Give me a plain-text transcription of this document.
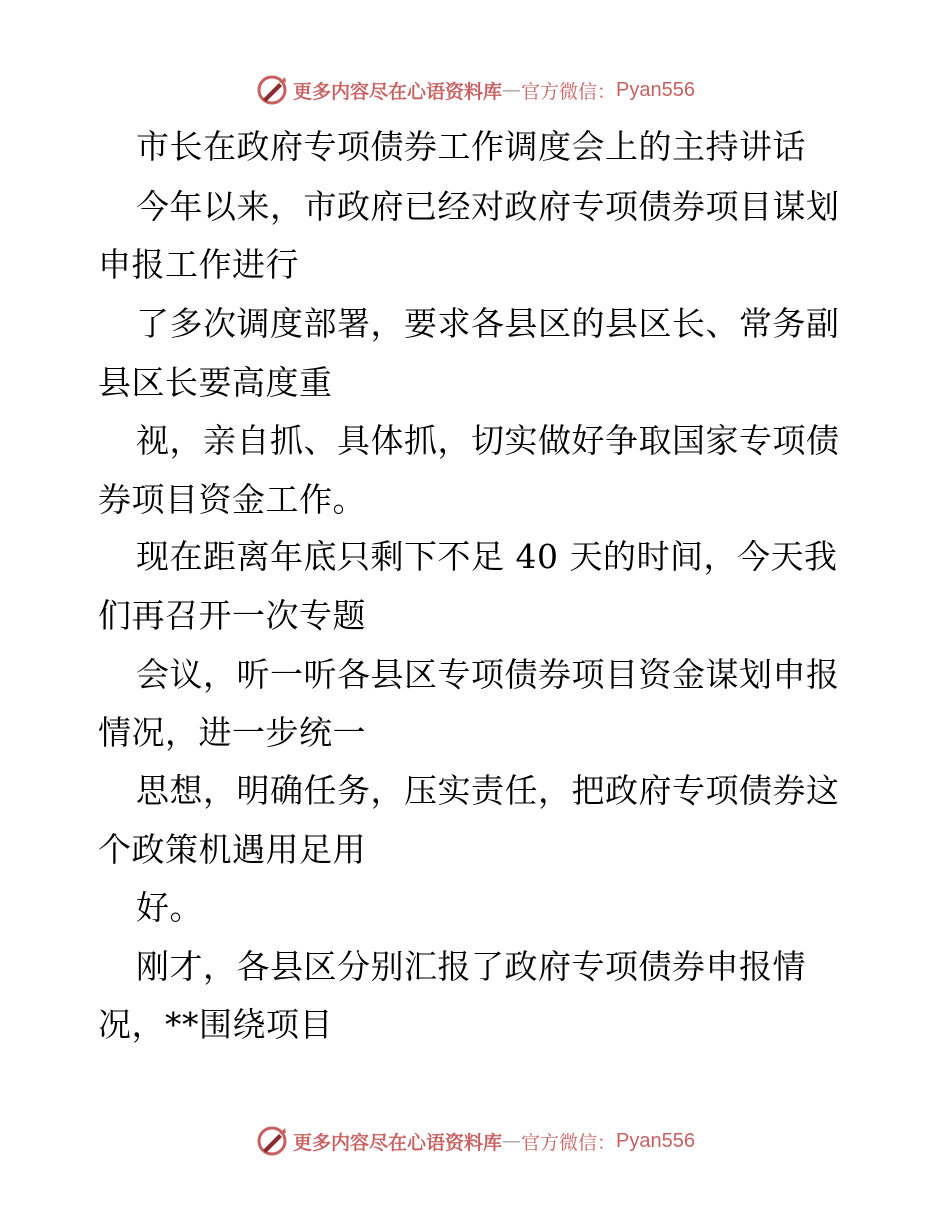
更多内容尽在心语资料库 — 官方微信： Pyan556
市长在政府专项债券工作调度会上的主持讲话
今年以来，市政府已经对政府专项债券项目谋划
申报工作进行
了多次调度部署，要求各县区的县区长、常务副
县区长要高度重
视，亲自抓、具体抓，切实做好争取国家专项债
券项目资金工作。
现在距离年底只剩下不足 40 天的时间，今天我
们再召开一次专题
会议，听一听各县区专项债券项目资金谋划申报
情况，进一步统一
思想，明确任务，压实责任，把政府专项债券这
个政策机遇用足用
好。
刚才，各县区分别汇报了政府专项债券申报情
况，**围绕项目
更多内容尽在心语资料库 — 官方微信： Pyan556
